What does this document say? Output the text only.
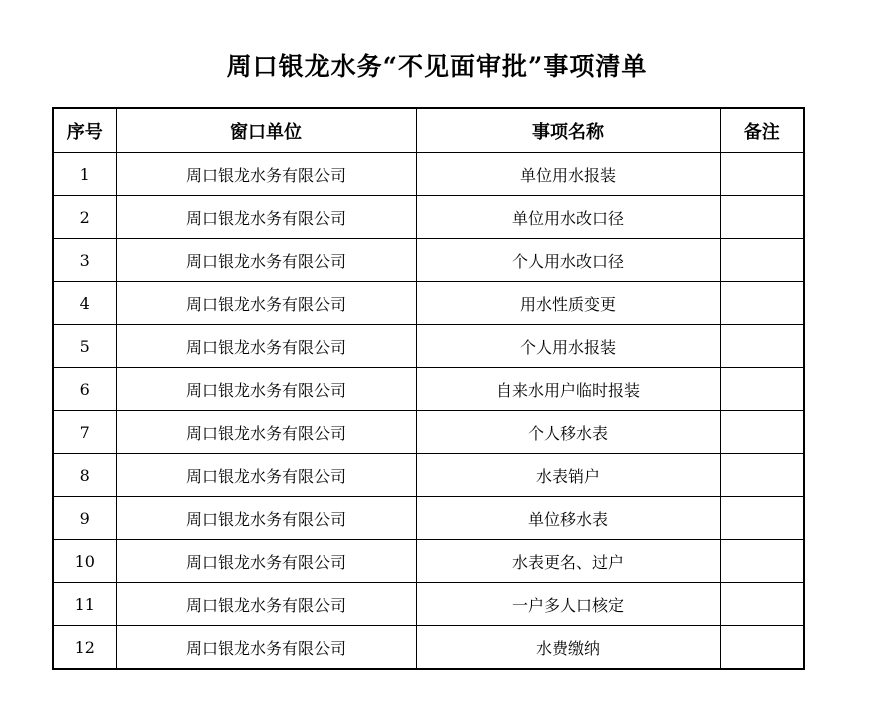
周口银龙水务“不见面审批”事项清单
序号	窗口单位	事项名称	备注
1	周口银龙水务有限公司	单位用水报装	
2	周口银龙水务有限公司	单位用水改口径	
3	周口银龙水务有限公司	个人用水改口径	
4	周口银龙水务有限公司	用水性质变更	
5	周口银龙水务有限公司	个人用水报装	
6	周口银龙水务有限公司	自来水用户临时报装	
7	周口银龙水务有限公司	个人移水表	
8	周口银龙水务有限公司	水表销户	
9	周口银龙水务有限公司	单位移水表	
10	周口银龙水务有限公司	水表更名、过户	
11	周口银龙水务有限公司	一户多人口核定	
12	周口银龙水务有限公司	水费缴纳	
